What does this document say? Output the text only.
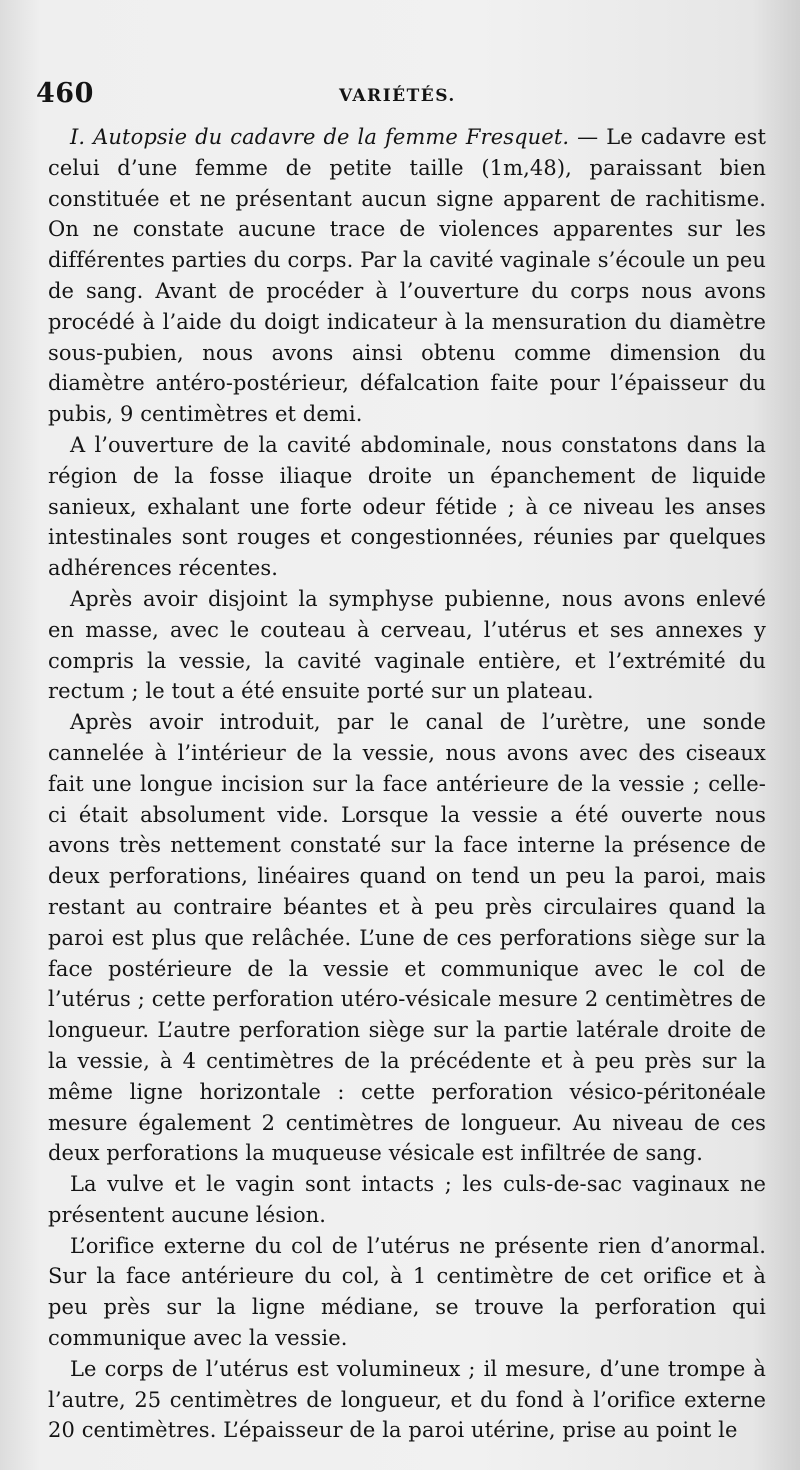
460	VARIÉTÉS.

I. Autopsie du cadavre de la femme Fresquet. — Le cadavre est celui d’une femme de petite taille (1m,48), paraissant bien constituée et ne présentant aucun signe apparent de rachitisme. On ne constate aucune trace de violences apparentes sur les différentes parties du corps. Par la cavité vaginale s’écoule un peu de sang. Avant de procéder à l’ouverture du corps nous avons procédé à l’aide du doigt indicateur à la mensuration du diamètre sous-pubien, nous avons ainsi obtenu comme dimension du diamètre antéro-postérieur, défalcation faite pour l’épaisseur du pubis, 9 centimètres et demi.

A l’ouverture de la cavité abdominale, nous constatons dans la région de la fosse iliaque droite un épanchement de liquide sanieux, exhalant une forte odeur fétide ; à ce niveau les anses intestinales sont rouges et congestionnées, réunies par quelques adhérences récentes.

Après avoir disjoint la symphyse pubienne, nous avons enlevé en masse, avec le couteau à cerveau, l’utérus et ses annexes y compris la vessie, la cavité vaginale entière, et l’extrémité du rectum ; le tout a été ensuite porté sur un plateau.

Après avoir introduit, par le canal de l’urètre, une sonde cannelée à l’intérieur de la vessie, nous avons avec des ciseaux fait une longue incision sur la face antérieure de la vessie ; celle-ci était absolument vide. Lorsque la vessie a été ouverte nous avons très nettement constaté sur la face interne la présence de deux perforations, linéaires quand on tend un peu la paroi, mais restant au contraire béantes et à peu près circulaires quand la paroi est plus que relâchée. L’une de ces perforations siège sur la face postérieure de la vessie et communique avec le col de l’utérus ; cette perforation utéro-vésicale mesure 2 centimètres de longueur. L’autre perforation siège sur la partie latérale droite de la vessie, à 4 centimètres de la précédente et à peu près sur la même ligne horizontale : cette perforation vésico-péritonéale mesure également 2 centimètres de longueur. Au niveau de ces deux perforations la muqueuse vésicale est infiltrée de sang.

La vulve et le vagin sont intacts ; les culs-de-sac vaginaux ne présentent aucune lésion.

L’orifice externe du col de l’utérus ne présente rien d’anormal. Sur la face antérieure du col, à 1 centimètre de cet orifice et à peu près sur la ligne médiane, se trouve la perforation qui communique avec la vessie.

Le corps de l’utérus est volumineux ; il mesure, d’une trompe à l’autre, 25 centimètres de longueur, et du fond à l’orifice externe 20 centimètres. L’épaisseur de la paroi utérine, prise au point le
